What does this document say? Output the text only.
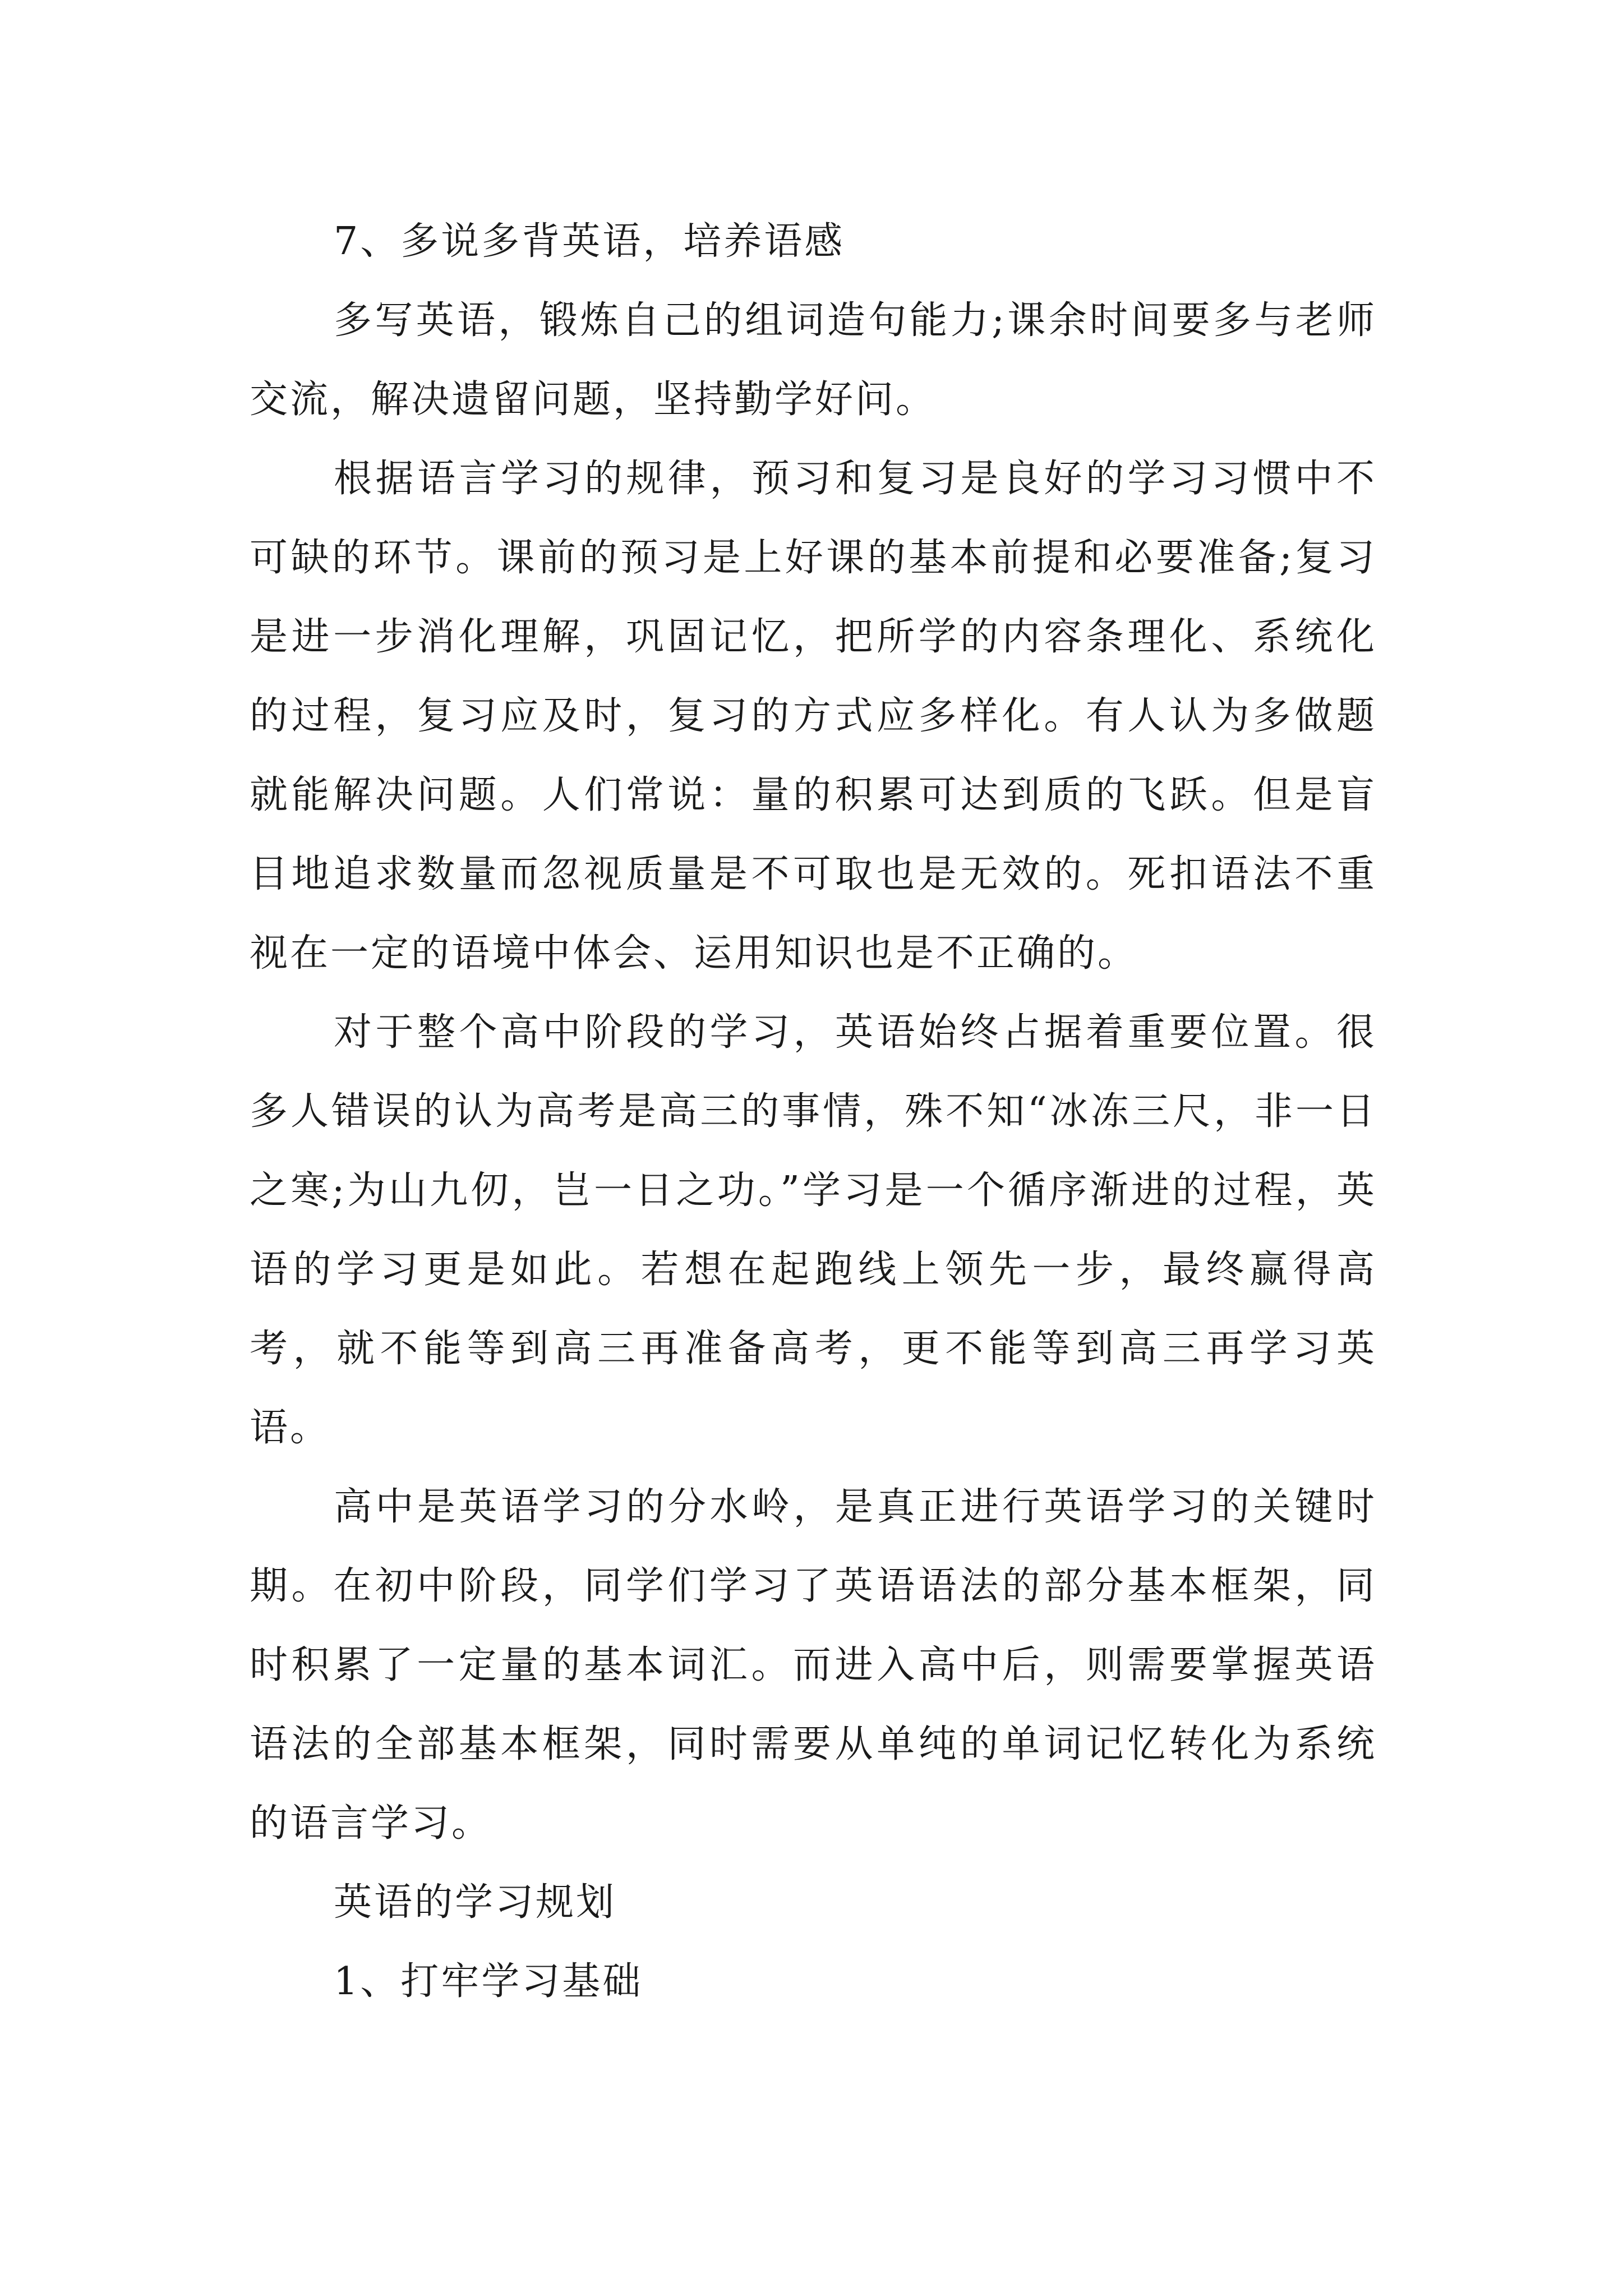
7、多说多背英语，培养语感

多写英语，锻炼自己的组词造句能力;课余时间要多与老师交流，解决遗留问题，坚持勤学好问。

根据语言学习的规律，预习和复习是良好的学习习惯中不可缺的环节。课前的预习是上好课的基本前提和必要准备;复习是进一步消化理解，巩固记忆，把所学的内容条理化、系统化的过程，复习应及时，复习的方式应多样化。有人认为多做题就能解决问题。人们常说：量的积累可达到质的飞跃。但是盲目地追求数量而忽视质量是不可取也是无效的。死扣语法不重视在一定的语境中体会、运用知识也是不正确的。

对于整个高中阶段的学习，英语始终占据着重要位置。很多人错误的认为高考是高三的事情，殊不知“冰冻三尺，非一日之寒;为山九仞，岂一日之功。”学习是一个循序渐进的过程，英语的学习更是如此。若想在起跑线上领先一步，最终赢得高考，就不能等到高三再准备高考，更不能等到高三再学习英语。

高中是英语学习的分水岭，是真正进行英语学习的关键时期。在初中阶段，同学们学习了英语语法的部分基本框架，同时积累了一定量的基本词汇。而进入高中后，则需要掌握英语语法的全部基本框架，同时需要从单纯的单词记忆转化为系统的语言学习。

英语的学习规划

1、打牢学习基础
